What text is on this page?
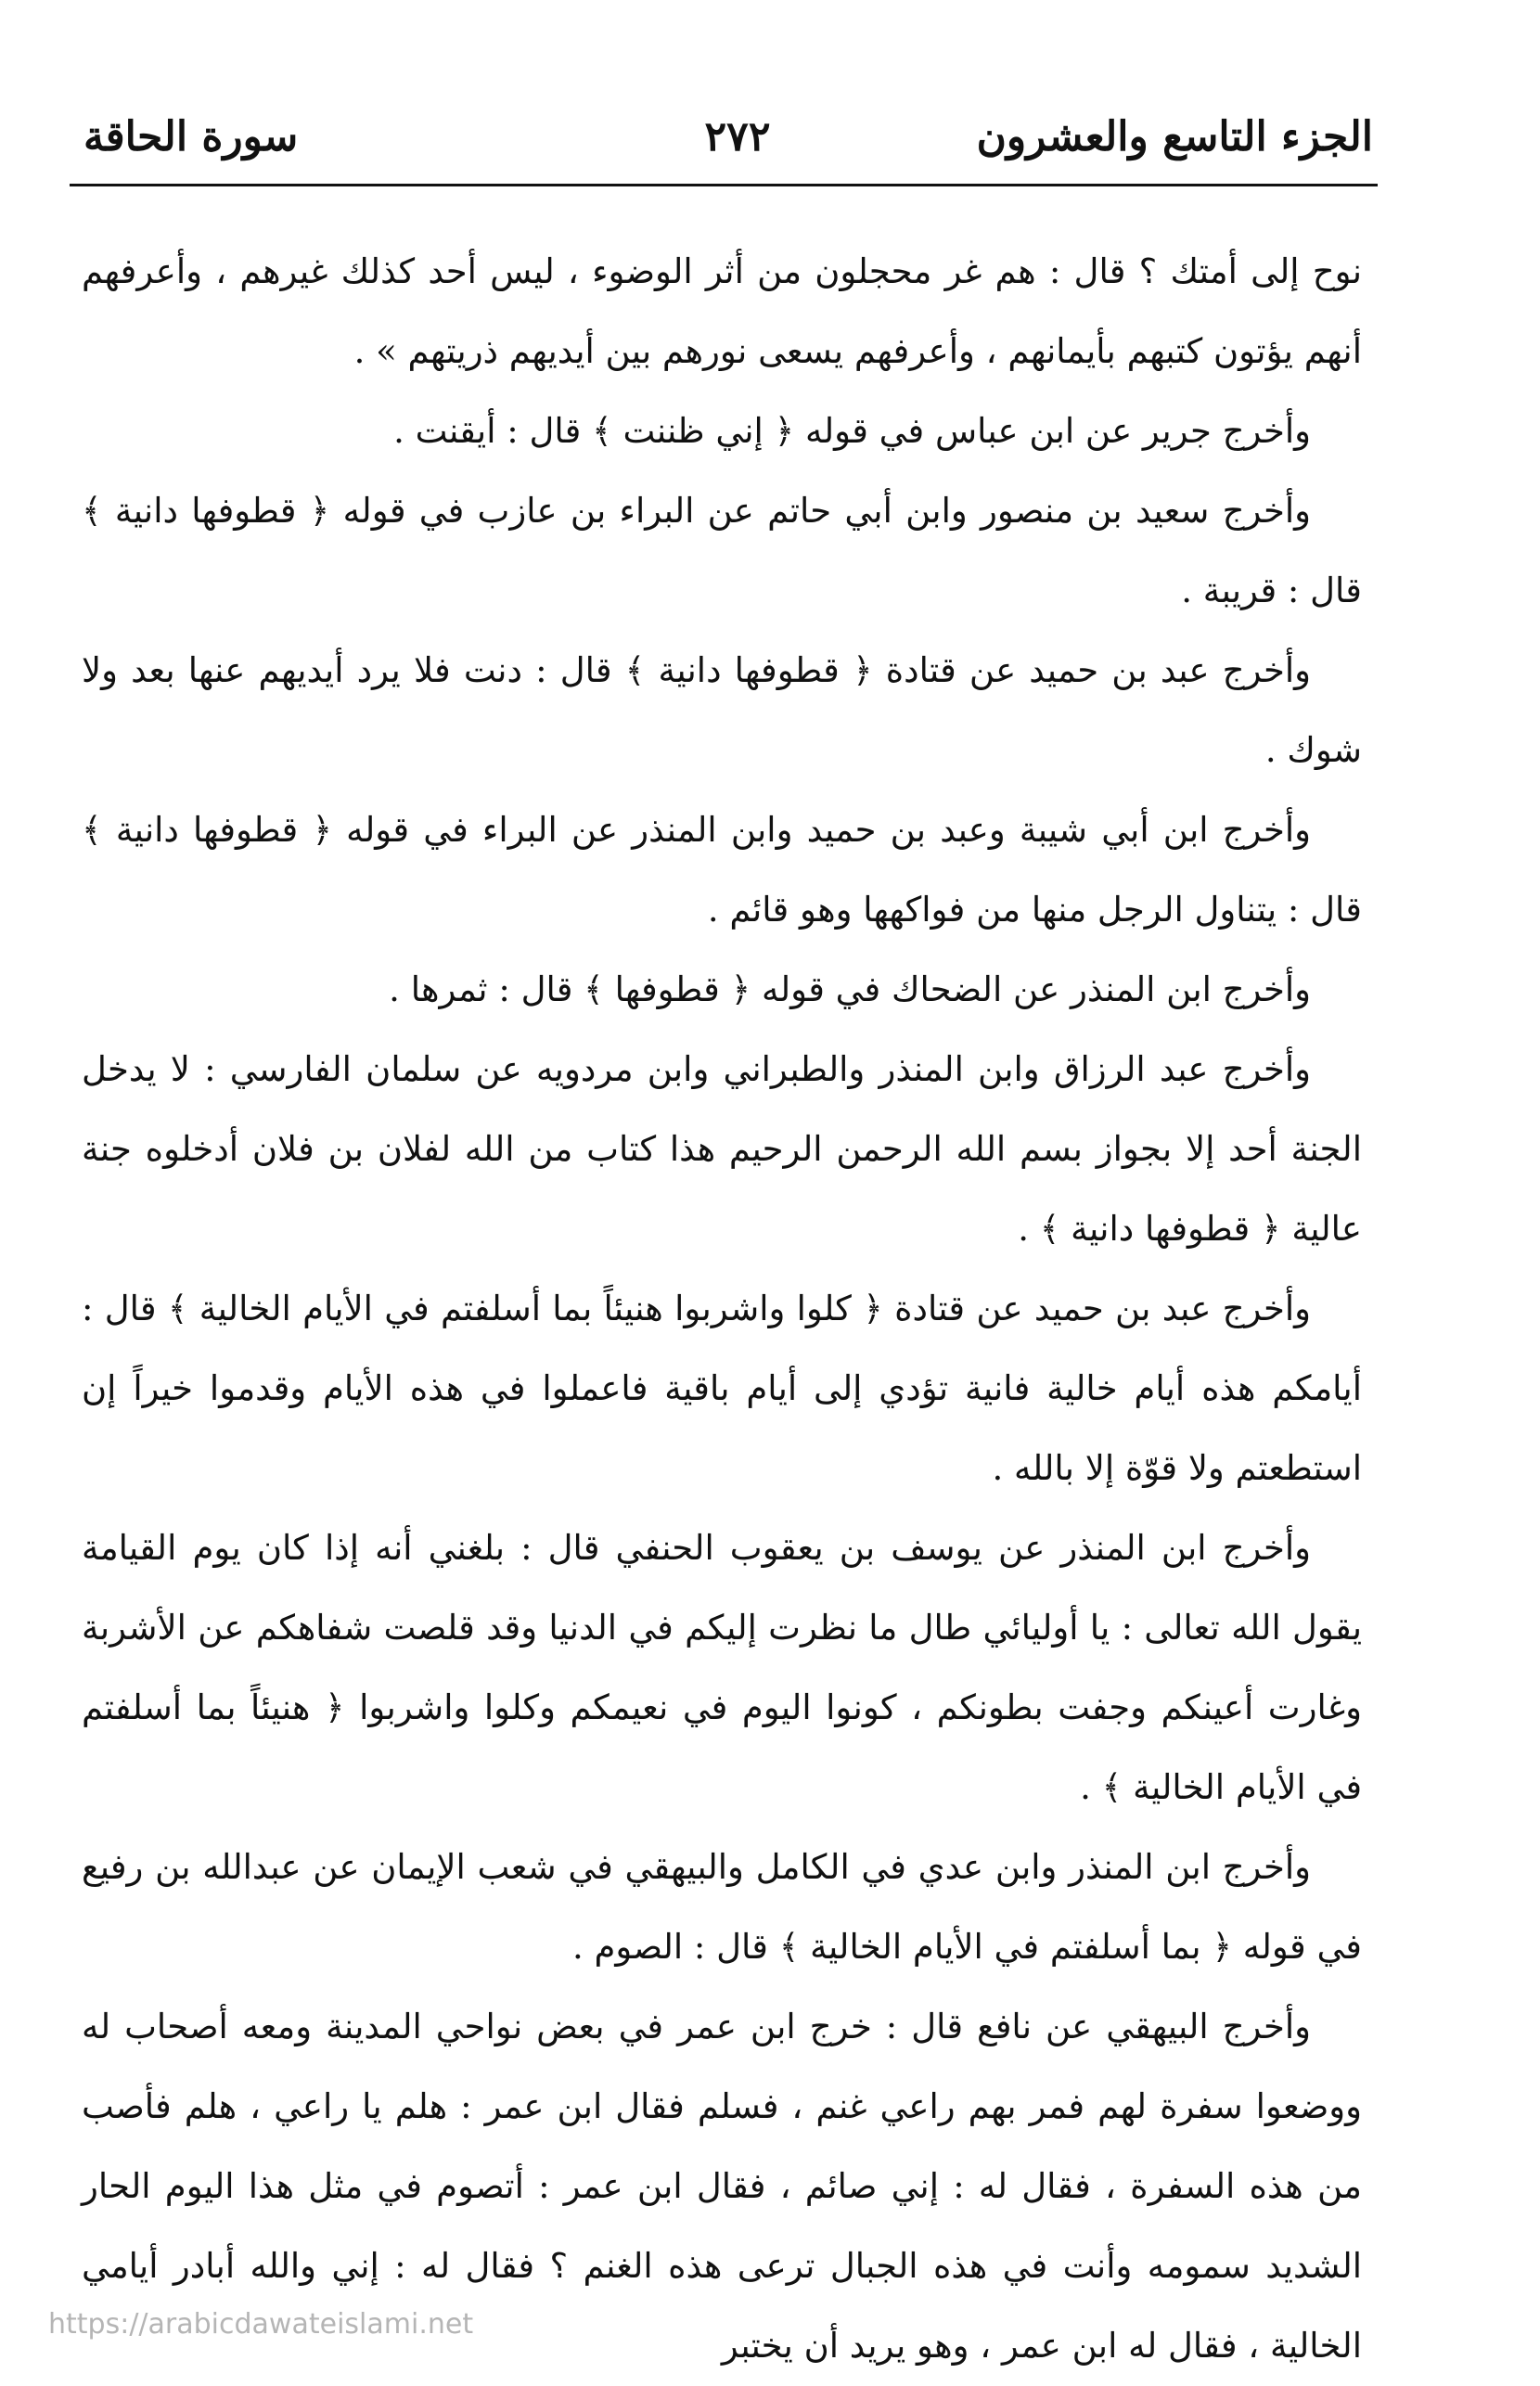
الجزء التاسع والعشرون
٢٧٢
سورة الحاقة

نوح إلى أمتك ؟ قال : هم غر محجلون من أثر الوضوء ، ليس أحد كذلك غيرهم ، وأعرفهم أنهم يؤتون كتبهم بأيمانهم ، وأعرفهم يسعى نورهم بين أيديهم ذريتهم » .

وأخرج جرير عن ابن عباس في قوله ﴿ إني ظننت ﴾ قال : أيقنت .

وأخرج سعيد بن منصور وابن أبي حاتم عن البراء بن عازب في قوله ﴿ قطوفها دانية ﴾ قال : قريبة .

وأخرج عبد بن حميد عن قتادة ﴿ قطوفها دانية ﴾ قال : دنت فلا يرد أيديهم عنها بعد ولا شوك .

وأخرج ابن أبي شيبة وعبد بن حميد وابن المنذر عن البراء في قوله ﴿ قطوفها دانية ﴾ قال : يتناول الرجل منها من فواكهها وهو قائم .

وأخرج ابن المنذر عن الضحاك في قوله ﴿ قطوفها ﴾ قال : ثمرها .

وأخرج عبد الرزاق وابن المنذر والطبراني وابن مردويه عن سلمان الفارسي : لا يدخل الجنة أحد إلا بجواز بسم الله الرحمن الرحيم هذا كتاب من الله لفلان بن فلان أدخلوه جنة عالية ﴿ قطوفها دانية ﴾ .

وأخرج عبد بن حميد عن قتادة ﴿ كلوا واشربوا هنيئاً بما أسلفتم في الأيام الخالية ﴾ قال : أيامكم هذه أيام خالية فانية تؤدي إلى أيام باقية فاعملوا في هذه الأيام وقدموا خيراً إن استطعتم ولا قوّة إلا بالله .

وأخرج ابن المنذر عن يوسف بن يعقوب الحنفي قال : بلغني أنه إذا كان يوم القيامة يقول الله تعالى : يا أوليائي طال ما نظرت إليكم في الدنيا وقد قلصت شفاهكم عن الأشربة وغارت أعينكم وجفت بطونكم ، كونوا اليوم في نعيمكم وكلوا واشربوا ﴿ هنيئاً بما أسلفتم في الأيام الخالية ﴾ .

وأخرج ابن المنذر وابن عدي في الكامل والبيهقي في شعب الإيمان عن عبدالله بن رفيع في قوله ﴿ بما أسلفتم في الأيام الخالية ﴾ قال : الصوم .

وأخرج البيهقي عن نافع قال : خرج ابن عمر في بعض نواحي المدينة ومعه أصحاب له ووضعوا سفرة لهم فمر بهم راعي غنم ، فسلم فقال ابن عمر : هلم يا راعي ، هلم فأصب من هذه السفرة ، فقال له : إني صائم ، فقال ابن عمر : أتصوم في مثل هذا اليوم الحار الشديد سمومه وأنت في هذه الجبال ترعى هذه الغنم ؟ فقال له : إني والله أبادر أيامي الخالية ، فقال له ابن عمر ، وهو يريد أن يختبر

https://arabicdawateislami.net
